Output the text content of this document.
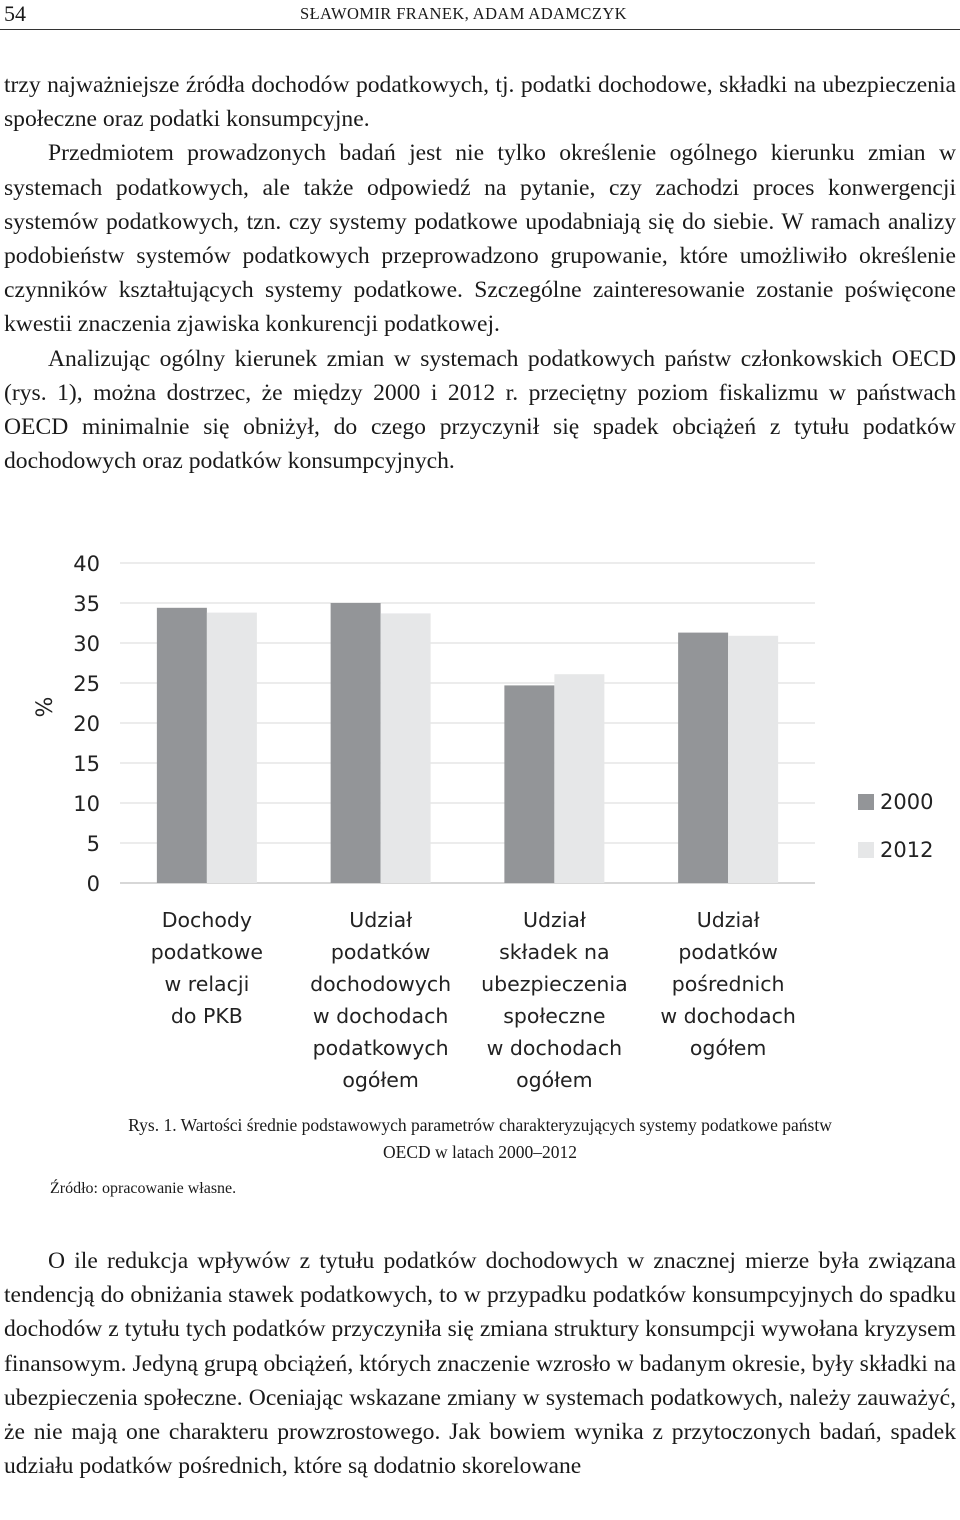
54	SŁAWOMIR FRANEK, ADAM ADAMCZYK

trzy najważniejsze źródła dochodów podatkowych, tj. podatki dochodowe, składki na ubezpieczenia społeczne oraz podatki konsumpcyjne.

Przedmiotem prowadzonych badań jest nie tylko określenie ogólnego kierunku zmian w systemach podatkowych, ale także odpowiedź na pytanie, czy zachodzi proces konwergencji systemów podatkowych, tzn. czy systemy podatkowe upodabniają się do siebie. W ramach analizy podobieństw systemów podatkowych przeprowadzono grupowanie, które umożliwiło określenie czynników kształtujących systemy podatkowe. Szczególne zainteresowanie zostanie poświęcone kwestii znaczenia zjawiska konkurencji podatkowej.

Analizując ogólny kierunek zmian w systemach podatkowych państw członkowskich OECD (rys. 1), można dostrzec, że między 2000 i 2012 r. przeciętny poziom fiskalizmu w państwach OECD minimalnie się obniżył, do czego przyczynił się spadek obciążeń z tytułu podatków dochodowych oraz podatków konsumpcyjnych.

0
5
10
15
20
25
30
35
40
%
Dochody
podatkowe
w relacji
do PKB
Udział
podatków
dochodowych
w dochodach
podatkowych
ogółem
Udział
składek na
ubezpieczenia
społeczne
w dochodach
ogółem
Udział
podatków
pośrednich
w dochodach
ogółem
2000
2012
Rys. 1. Wartości średnie podstawowych parametrów charakteryzujących systemy podatkowe państw
OECD w latach 2000–2012
Źródło: opracowanie własne.

O ile redukcja wpływów z tytułu podatków dochodowych w znacznej mierze była związana tendencją do obniżania stawek podatkowych, to w przypadku podatków konsumpcyjnych do spadku dochodów z tytułu tych podatków przyczyniła się zmiana struktury konsumpcji wywołana kryzysem finansowym. Jedyną grupą obciążeń, których znaczenie wzrosło w badanym okresie, były składki na ubezpieczenia społeczne. Oceniając wskazane zmiany w systemach podatkowych, należy zauważyć, że nie mają one charakteru prowzrostowego. Jak bowiem wynika z przytoczonych badań, spadek udziału podatków pośrednich, które są dodatnio skorelowane
